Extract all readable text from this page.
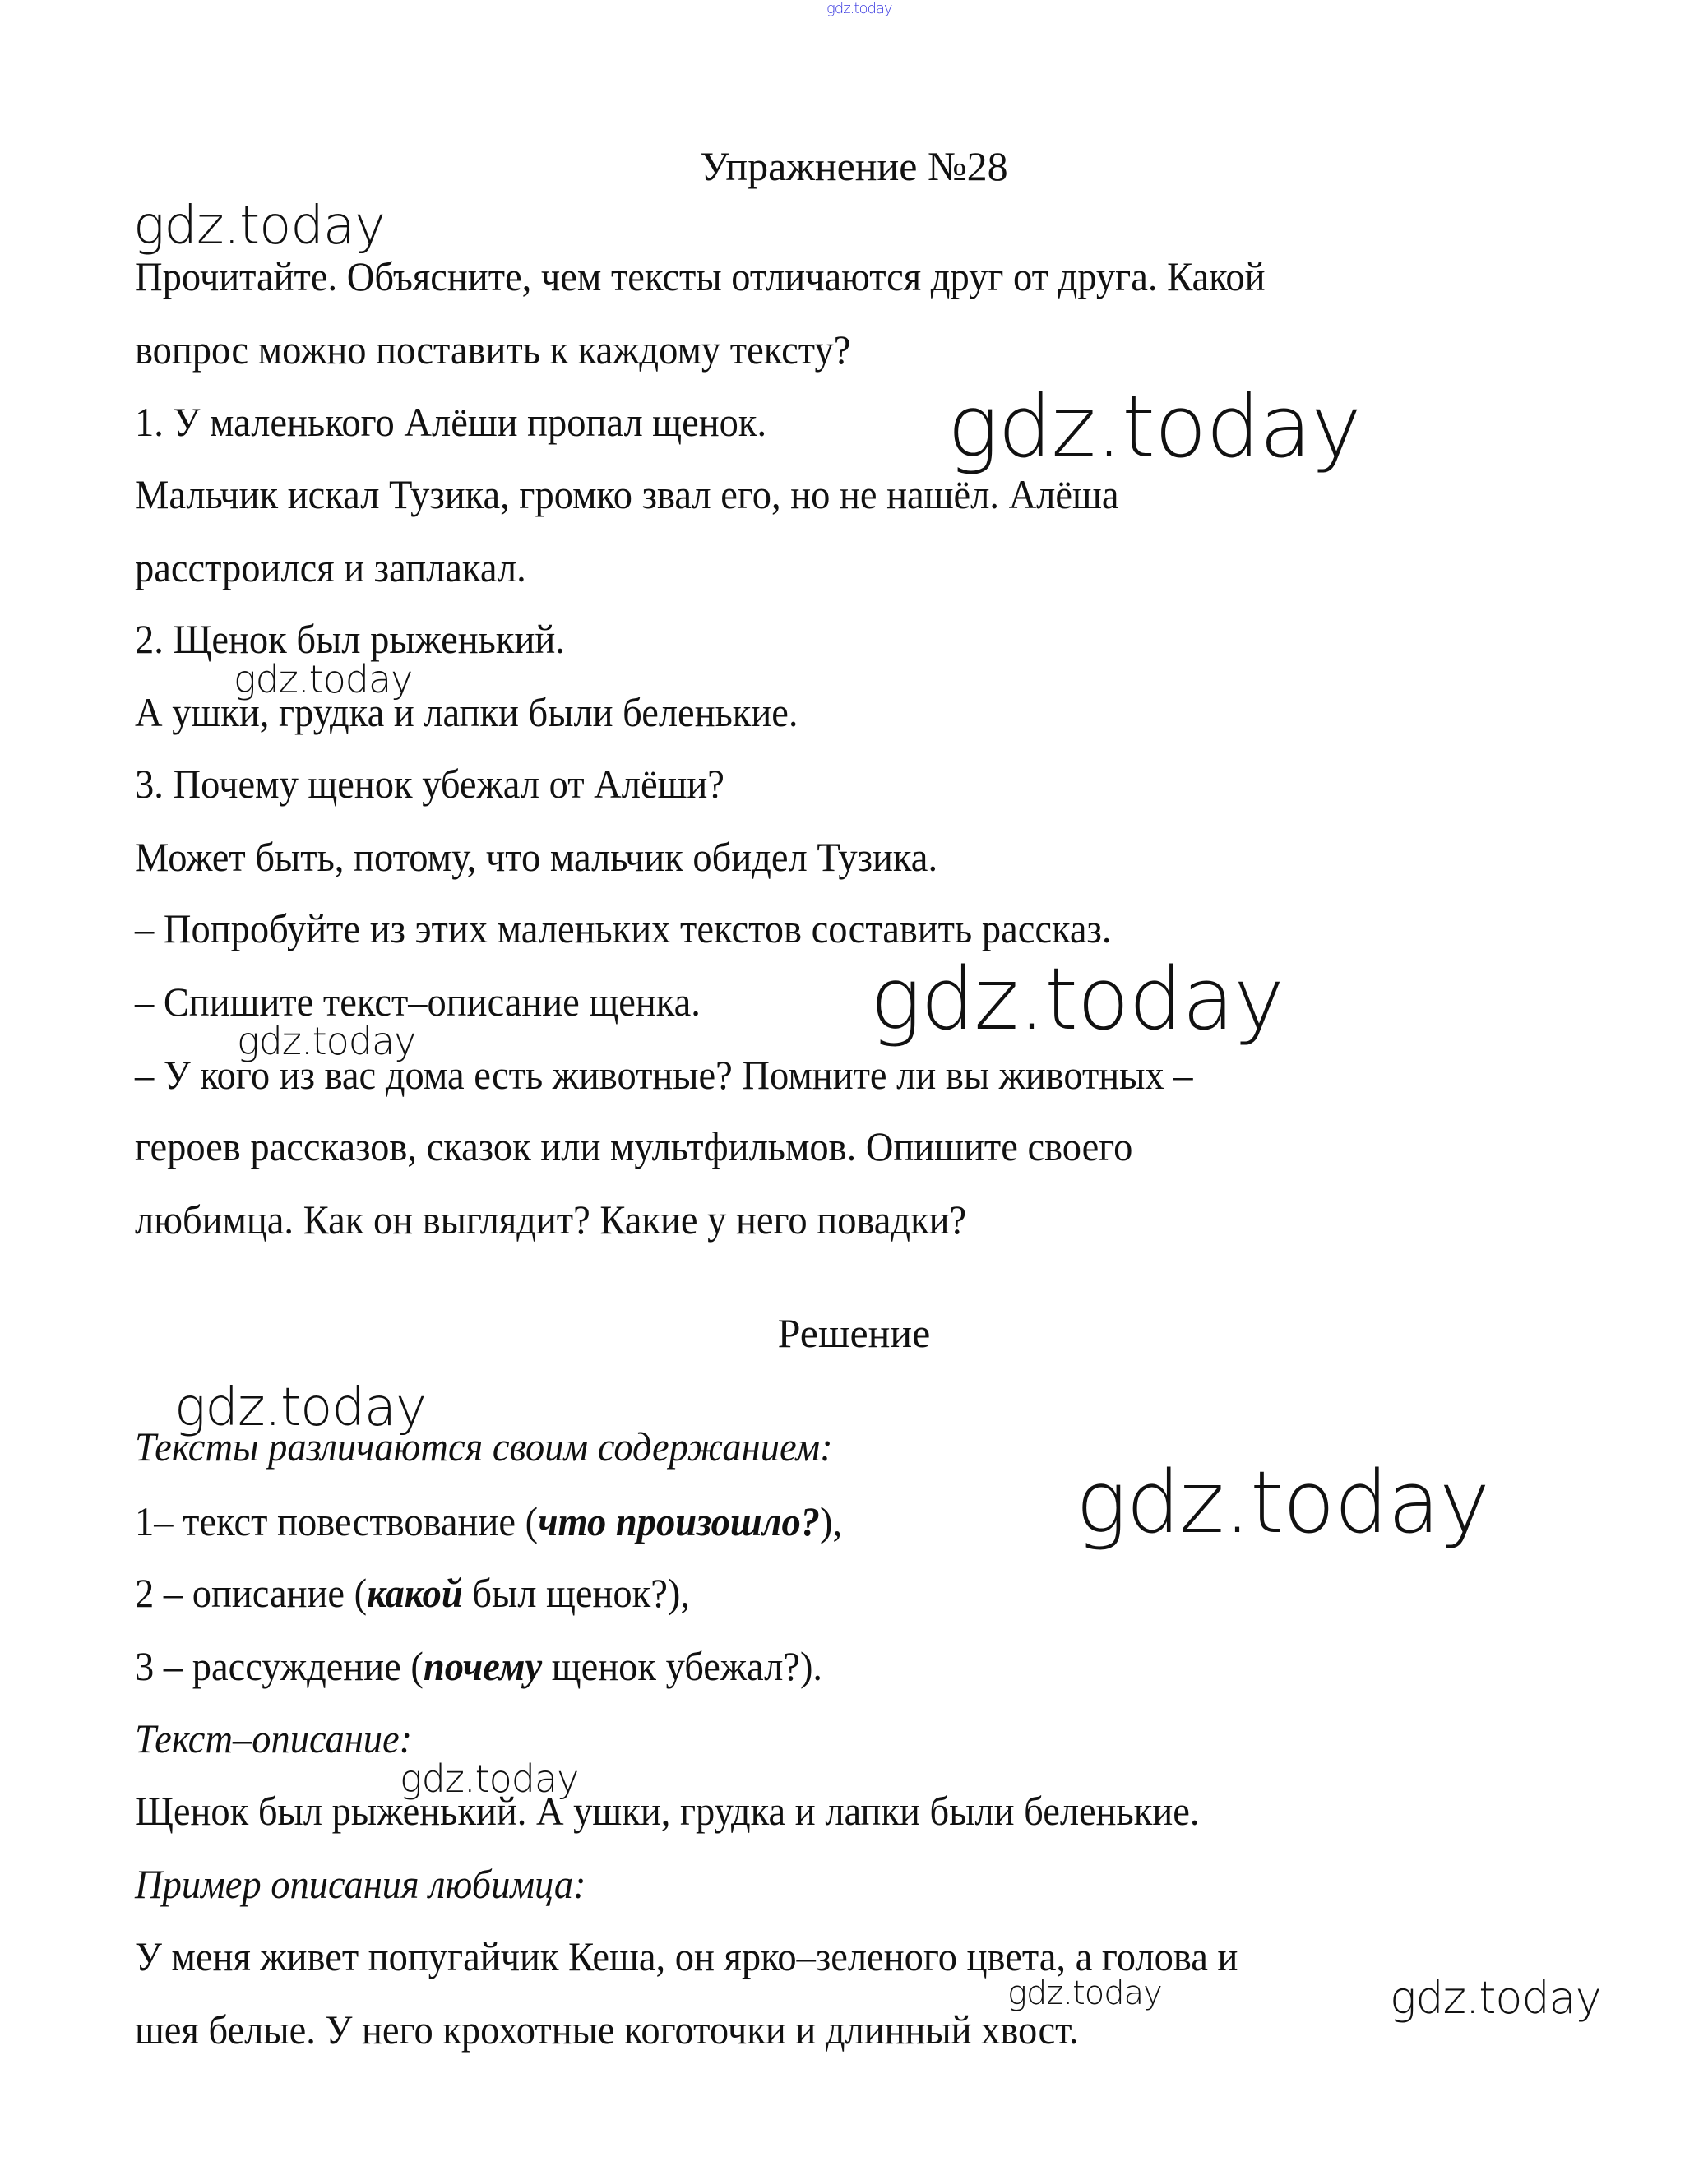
Упражнение №28
Прочитайте. Объясните, чем тексты отличаются друг от друга. Какой
вопрос можно поставить к каждому тексту?
1. У маленького Алёши пропал щенок.
Мальчик искал Тузика, громко звал его, но не нашёл. Алёша
расстроился и заплакал.
2. Щенок был рыженький.
А ушки, грудка и лапки были беленькие.
3. Почему щенок убежал от Алёши?
Может быть, потому, что мальчик обидел Тузика.
– Попробуйте из этих маленьких текстов составить рассказ.
– Спишите текст–описание щенка.
– У кого из вас дома есть животные? Помните ли вы животных –
героев рассказов, сказок или мультфильмов. Опишите своего
любимца. Как он выглядит? Какие у него повадки?
Решение
Тексты различаются своим содержанием:
1– текст повествование (что произошло?),
2 – описание (какой был щенок?),
3 – рассуждение (почему щенок убежал?).
Текст–описание:
Щенок был рыженький. А ушки, грудка и лапки были беленькие.
Пример описания любимца:
У меня живет попугайчик Кеша, он ярко–зеленого цвета, а голова и
шея белые. У него крохотные коготочки и длинный хвост.
gdz.today
gdz.today
gdz.today
gdz.today
gdz.today
gdz.today
gdz.today
gdz.today
gdz.today
gdz.today	gdz.today
